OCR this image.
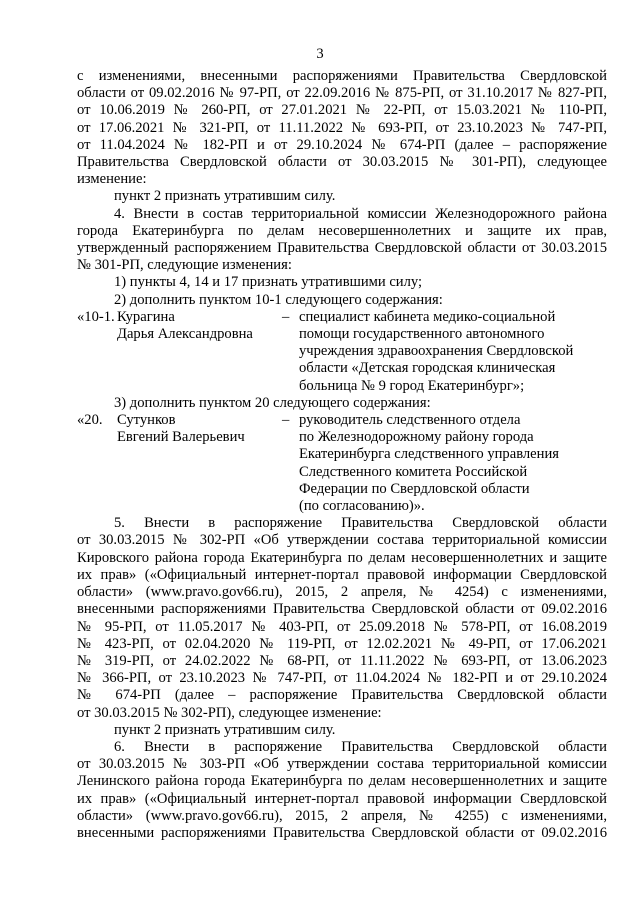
3

с изменениями, внесенными распоряжениями Правительства Свердловской

области от 09.02.2016 № 97-РП, от 22.09.2016 № 875-РП, от 31.10.2017 № 827-РП,

от 10.06.2019 № 260-РП, от 27.01.2021 № 22-РП, от 15.03.2021 № 110-РП,

от 17.06.2021 № 321-РП, от 11.11.2022 № 693-РП, от 23.10.2023 № 747-РП,

от 11.04.2024 № 182-РП и от 29.10.2024 № 674-РП (далее – распоряжение

Правительства Свердловской области от 30.03.2015 № 301-РП), следующее

изменение:

пункт 2 признать утратившим силу.

4. Внести в состав территориальной комиссии Железнодорожного района

города Екатеринбурга по делам несовершеннолетних и защите их прав,

утвержденный распоряжением Правительства Свердловской области от 30.03.2015

№ 301-РП, следующие изменения:

1) пункты 4, 14 и 17 признать утратившими силу;

2) дополнить пунктом 10-1 следующего содержания:

«10-1. Курагина
Дарья Александровна
– специалист кабинета медико-социальной
помощи государственного автономного
учреждения здравоохранения Свердловской
области «Детская городская клиническая
больница № 9 город Екатеринбург»;

3) дополнить пунктом 20 следующего содержания:

«20. Сутунков
Евгений Валерьевич
– руководитель следственного отдела
по Железнодорожному району города
Екатеринбурга следственного управления
Следственного комитета Российской
Федерации по Свердловской области
(по согласованию)».

5. Внести в распоряжение Правительства Свердловской области

от 30.03.2015 № 302-РП «Об утверждении состава территориальной комиссии

Кировского района города Екатеринбурга по делам несовершеннолетних и защите

их прав» («Официальный интернет-портал правовой информации Свердловской

области» (www.pravo.gov66.ru), 2015, 2 апреля, № 4254) с изменениями,

внесенными распоряжениями Правительства Свердловской области от 09.02.2016

№ 95-РП, от 11.05.2017 № 403-РП, от 25.09.2018 № 578-РП, от 16.08.2019

№ 423-РП, от 02.04.2020 № 119-РП, от 12.02.2021 № 49-РП, от 17.06.2021

№ 319-РП, от 24.02.2022 № 68-РП, от 11.11.2022 № 693-РП, от 13.06.2023

№ 366-РП, от 23.10.2023 № 747-РП, от 11.04.2024 № 182-РП и от 29.10.2024

№ 674-РП (далее – распоряжение Правительства Свердловской области

от 30.03.2015 № 302-РП), следующее изменение:

пункт 2 признать утратившим силу.

6. Внести в распоряжение Правительства Свердловской области

от 30.03.2015 № 303-РП «Об утверждении состава территориальной комиссии

Ленинского района города Екатеринбурга по делам несовершеннолетних и защите

их прав» («Официальный интернет-портал правовой информации Свердловской

области» (www.pravo.gov66.ru), 2015, 2 апреля, № 4255) с изменениями,

внесенными распоряжениями Правительства Свердловской области от 09.02.2016
